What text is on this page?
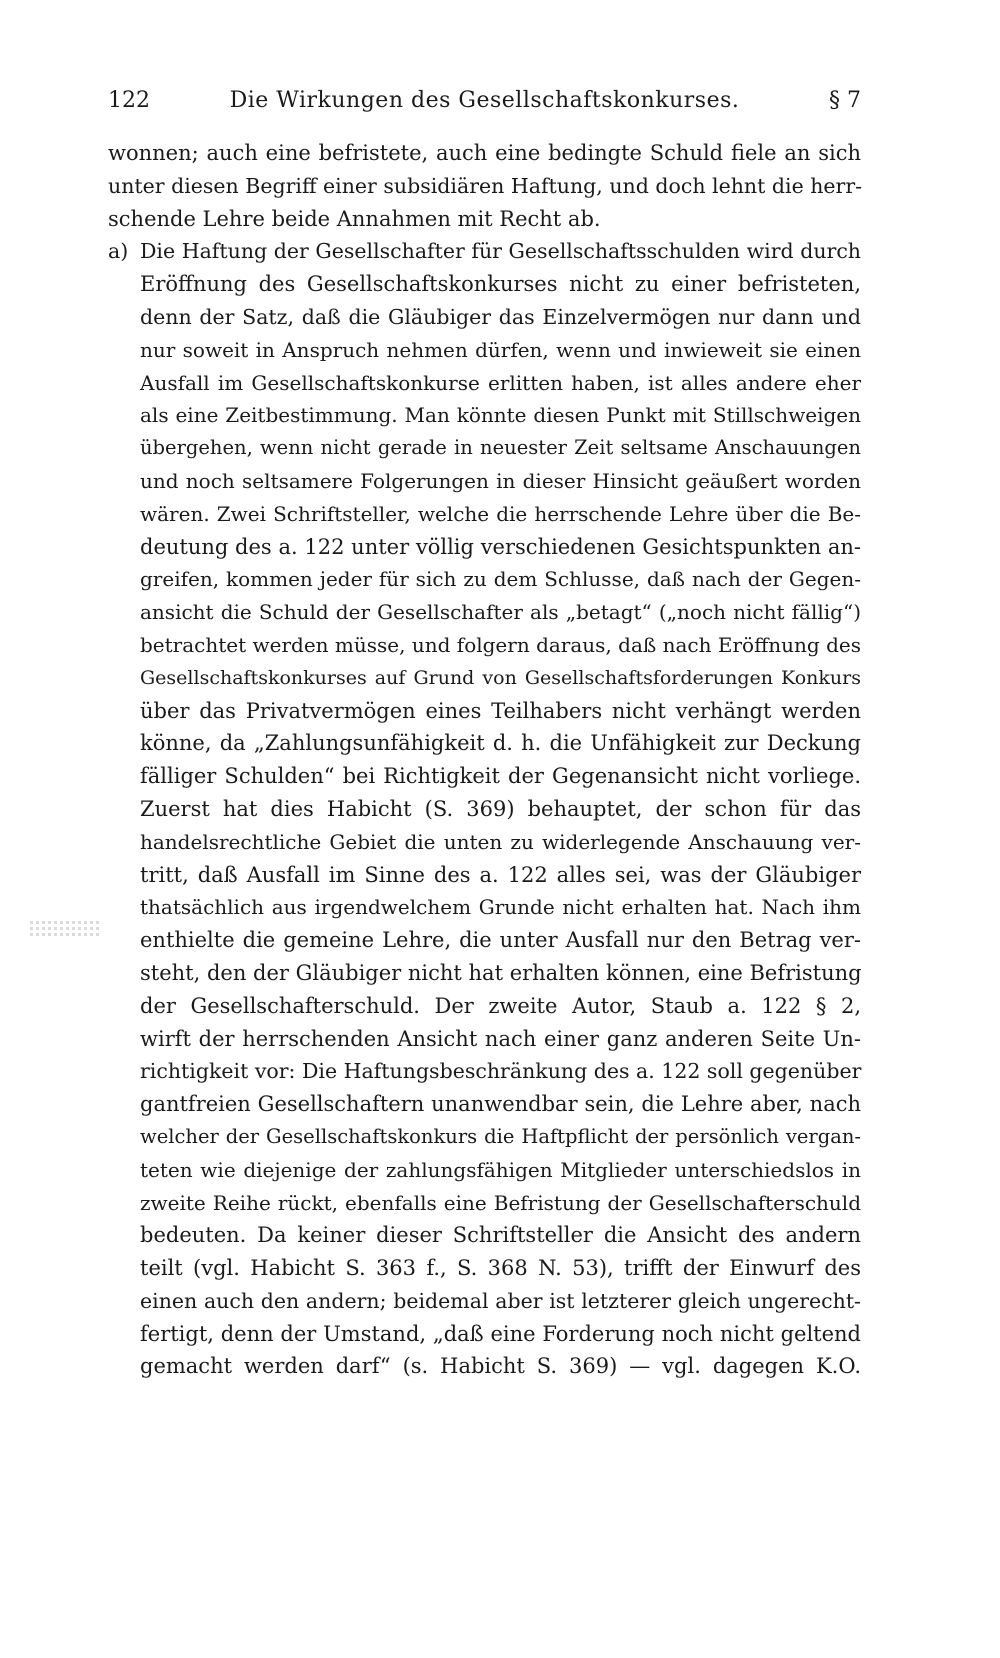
122	Die Wirkungen des Gesellschaftskonkurses.	§ 7
wonnen; auch eine befristete, auch eine bedingte Schuld fiele an sich
unter diesen Begriff einer subsidiären Haftung, und doch lehnt die herr-
schende Lehre beide Annahmen mit Recht ab.
a) Die Haftung der Gesellschafter für Gesellschaftsschulden wird durch
Eröffnung des Gesellschaftskonkurses nicht zu einer befristeten,
denn der Satz, daß die Gläubiger das Einzelvermögen nur dann und
nur soweit in Anspruch nehmen dürfen, wenn und inwieweit sie einen
Ausfall im Gesellschaftskonkurse erlitten haben, ist alles andere eher
als eine Zeitbestimmung. Man könnte diesen Punkt mit Stillschweigen
übergehen, wenn nicht gerade in neuester Zeit seltsame Anschauungen
und noch seltsamere Folgerungen in dieser Hinsicht geäußert worden
wären. Zwei Schriftsteller, welche die herrschende Lehre über die Be-
deutung des a. 122 unter völlig verschiedenen Gesichtspunkten an-
greifen, kommen jeder für sich zu dem Schlusse, daß nach der Gegen-
ansicht die Schuld der Gesellschafter als „betagt“ („noch nicht fällig“)
betrachtet werden müsse, und folgern daraus, daß nach Eröffnung des
Gesellschaftskonkurses auf Grund von Gesellschaftsforderungen Konkurs
über das Privatvermögen eines Teilhabers nicht verhängt werden
könne, da „Zahlungsunfähigkeit d. h. die Unfähigkeit zur Deckung
fälliger Schulden“ bei Richtigkeit der Gegenansicht nicht vorliege.
Zuerst hat dies Habicht (S. 369) behauptet, der schon für das
handelsrechtliche Gebiet die unten zu widerlegende Anschauung ver-
tritt, daß Ausfall im Sinne des a. 122 alles sei, was der Gläubiger
thatsächlich aus irgendwelchem Grunde nicht erhalten hat. Nach ihm
enthielte die gemeine Lehre, die unter Ausfall nur den Betrag ver-
steht, den der Gläubiger nicht hat erhalten können, eine Befristung
der Gesellschafterschuld. Der zweite Autor, Staub a. 122 § 2,
wirft der herrschenden Ansicht nach einer ganz anderen Seite Un-
richtigkeit vor: Die Haftungsbeschränkung des a. 122 soll gegenüber
gantfreien Gesellschaftern unanwendbar sein, die Lehre aber, nach
welcher der Gesellschaftskonkurs die Haftpflicht der persönlich vergan-
teten wie diejenige der zahlungsfähigen Mitglieder unterschiedslos in
zweite Reihe rückt, ebenfalls eine Befristung der Gesellschafterschuld
bedeuten. Da keiner dieser Schriftsteller die Ansicht des andern
teilt (vgl. Habicht S. 363 f., S. 368 N. 53), trifft der Einwurf des
einen auch den andern; beidemal aber ist letzterer gleich ungerecht-
fertigt, denn der Umstand, „daß eine Forderung noch nicht geltend
gemacht werden darf“ (s. Habicht S. 369) — vgl. dagegen K.O.
